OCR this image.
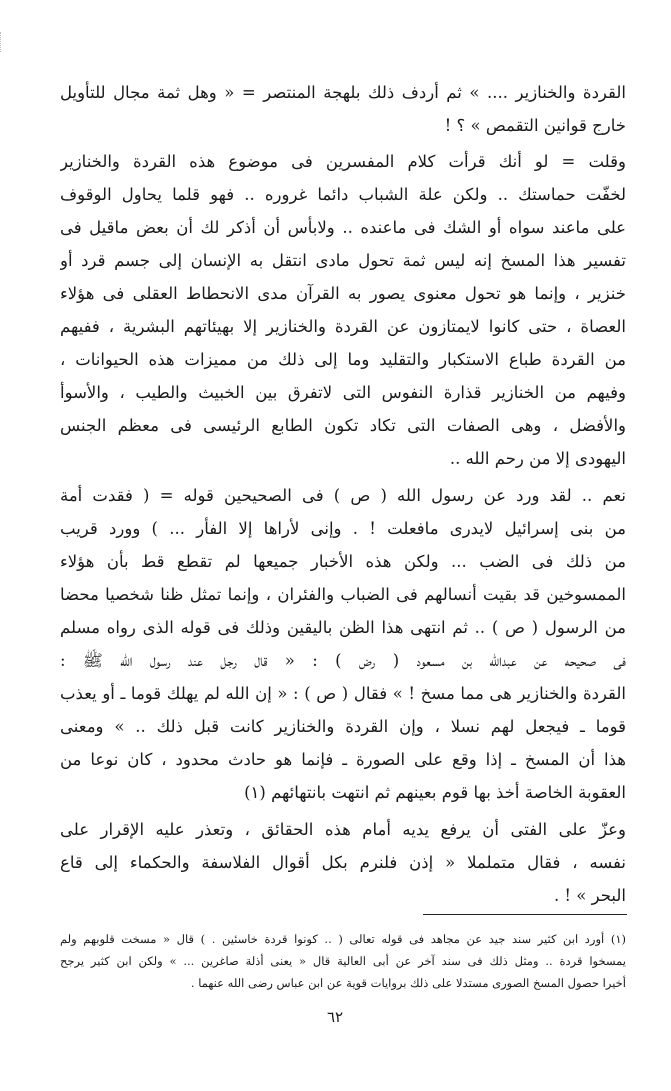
القردة والخنازير .... » ثم أردف ذلك بلهجة المنتصر = « وهل ثمة مجال للتأويل
خارج قوانين التقمص » ؟ !
وقلت = لو أنك قرأت كلام المفسرين فى موضوع هذه القردة والخنازير
لخفّت حماستك .. ولكن علة الشباب دائما غروره .. فهو قلما يحاول الوقوف
على ماعند سواه أو الشك فى ماعنده .. ولابأس أن أذكر لك أن بعض ماقيل فى
تفسير هذا المسخ إنه ليس ثمة تحول مادى انتقل به الإنسان إلى جسم قرد أو
خنزير ، وإنما هو تحول معنوى يصور به القرآن مدى الانحطاط العقلى فى هؤلاء
العصاة ، حتى كانوا لايمتازون عن القردة والخنازير إلا بهيئاتهم البشرية ، ففيهم
من القردة طباع الاستكبار والتقليد وما إلى ذلك من مميزات هذه الحيوانات ،
وفيهم من الخنازير قذارة النفوس التى لاتفرق بين الخبيث والطيب ، والأسوأ
والأفضل ، وهى الصفات التى تكاد تكون الطابع الرئيسى فى معظم الجنس
اليهودى إلا من رحم الله ..
نعم .. لقد ورد عن رسول الله ( ص ) فى الصحيحين قوله = ( فقدت أمة
من بنى إسرائيل لايدرى مافعلت ! . وإنى لأراها إلا الفأر ... ) وورد قريب
من ذلك فى الضب ... ولكن هذه الأخبار جميعها لم تقطع قط بأن هؤلاء
الممسوخين قد بقيت أنسالهم فى الضباب والفئران ، وإنما تمثل ظنا شخصيا محضا
من الرسول ( ص ) .. ثم انتهى هذا الظن باليقين وذلك فى قوله الذى رواه مسلم
فى صحيحه عن عبدالله بن مسعود ( رض ) : « قال رجل عند رسول الله ﷺ :
القردة والخنازير هى مما مسخ ! » فقال ( ص ) : « إن الله لم يهلك قوما ـ أو يعذب
قوما ـ فيجعل لهم نسلا ، وإن القردة والخنازير كانت قبل ذلك .. » ومعنى
هذا أن المسخ ـ إذا وقع على الصورة ـ فإنما هو حادث محدود ، كان نوعا من
العقوبة الخاصة أخذ بها قوم بعينهم ثم انتهت بانتهائهم (١)
وعزّ على الفتى أن يرفع يديه أمام هذه الحقائق ، وتعذر عليه الإقرار على
نفسه ، فقال متململا « إذن فلنرم بكل أقوال الفلاسفة والحكماء إلى قاع
البحر » ! .
(١) أورد ابن كثير سند جيد عن مجاهد فى قوله تعالى ( .. كونوا قردة خاسئين . ) قال « مسخت قلوبهم ولم
يمسخوا قردة .. ومثل ذلك فى سند آخر عن أبى العالية قال « يعنى أذلة صاغرين ... » ولكن ابن كثير يرجح
أخيرا حصول المسخ الصورى مستدلا على ذلك بروايات قوية عن ابن عباس رضى الله عنهما .
٦٢
